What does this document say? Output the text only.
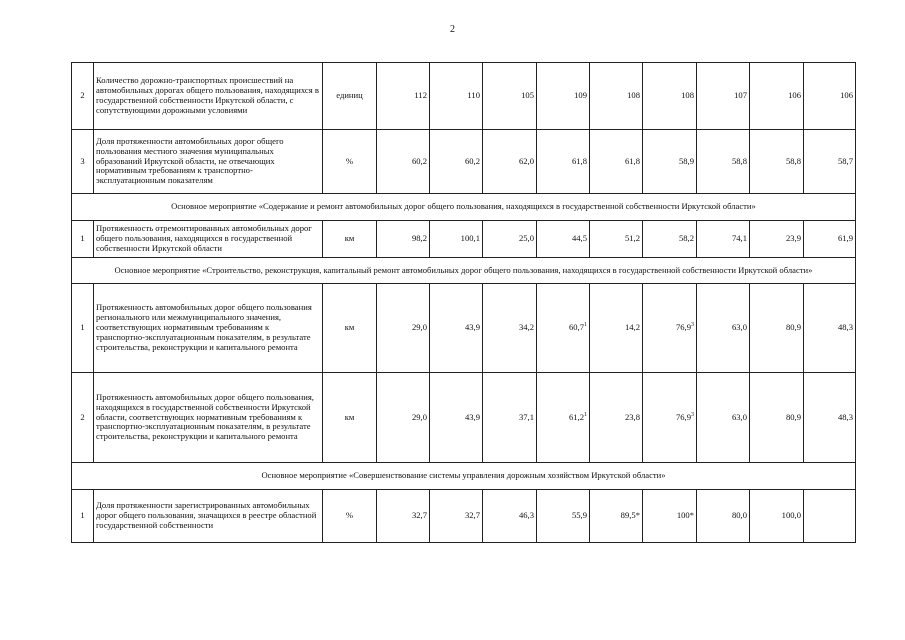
2
2	Количество дорожно-транспортных происшествий на автомобильных дорогах общего пользования, находящихся в государственной собственности Иркутской области, с сопутствующими дорожными условиями	единиц	112	110	105	109	108	108	107	106	106
3	Доля протяженности автомобильных дорог общего пользования местного значения муниципальных образований Иркутской области, не отвечающих нормативным требованиям к транспортно-эксплуатационным показателям	%	60,2	60,2	62,0	61,8	61,8	58,9	58,8	58,8	58,7
Основное мероприятие «Содержание и ремонт автомобильных дорог общего пользования, находящихся в государственной собственности Иркутской области»											
1	Протяженность отремонтированных автомобильных дорог общего пользования, находящихся в государственной собственности Иркутской области	км	98,2	100,1	25,0	44,5	51,2	58,2	74,1	23,9	61,9
Основное мероприятие «Строительство, реконструкция, капитальный ремонт автомобильных дорог общего пользования, находящихся в государственной собственности Иркутской области»											
1	Протяженность автомобильных дорог общего пользования регионального или межмуниципального значения, соответствующих нормативным требованиям к транспортно-эксплуатационным показателям, в результате строительства, реконструкции и капитального ремонта	км	29,0	43,9	34,2	60,7$^1$	14,2	76,9$^3$	63,0	80,9	48,3
2	Протяженность автомобильных дорог общего пользования, находящихся в государственной собственности Иркутской области, соответствующих нормативным требованиям к транспортно-эксплуатационным показателям, в результате строительства, реконструкции и капитального ремонта	км	29,0	43,9	37,1	61,2$^1$	23,8	76,9$^3$	63,0	80,9	48,3
Основное мероприятие «Совершенствование системы управления дорожным хозяйством Иркутской области»											
1	Доля протяженности зарегистрированных автомобильных дорог общего пользования, значащихся в реестре областной государственной собственности	%	32,7	32,7	46,3	55,9	89,5*	100*	80,0	100,0	
